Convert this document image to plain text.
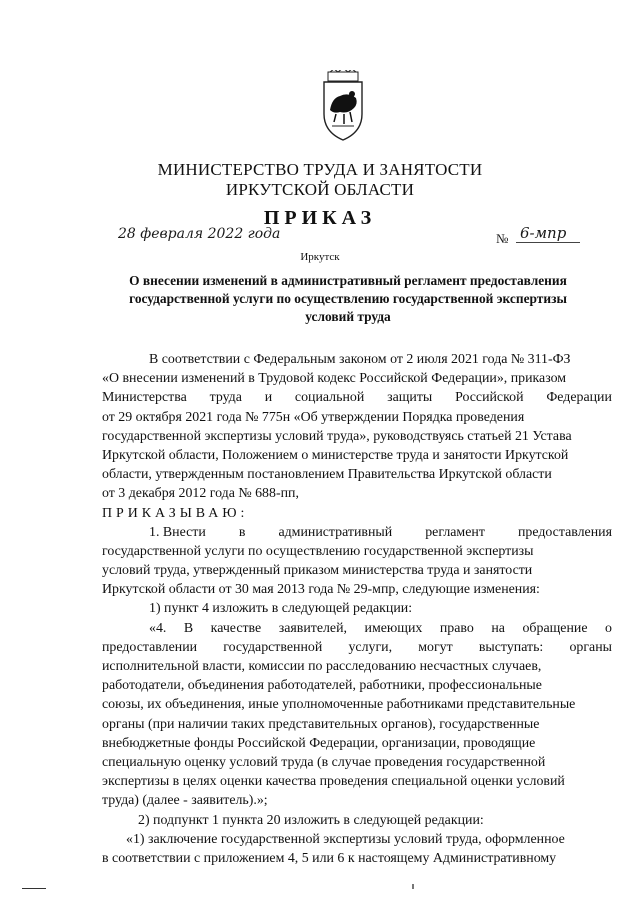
МИНИСТЕРСТВО ТРУДА И ЗАНЯТОСТИ
ИРКУТСКОЙ ОБЛАСТИ
ПРИКАЗ
28 февраля 2022 года	№ 6-мпр
Иркутск
О внесении изменений в административный регламент предоставления
государственной услуги по осуществлению государственной экспертизы
условий труда
В соответствии с Федеральным законом от 2 июля 2021 года № 311-ФЗ
«О внесении изменений в Трудовой кодекс Российской Федерации», приказом
Министерства труда и социальной защиты Российской Федерации
от 29 октября 2021 года № 775н «Об утверждении Порядка проведения
государственной экспертизы условий труда», руководствуясь статьей 21 Устава
Иркутской области, Положением о министерстве труда и занятости Иркутской
области, утвержденным постановлением Правительства Иркутской области
от 3 декабря 2012 года № 688-пп,
ПРИКАЗЫВАЮ:
1. Внести в административный регламент предоставления
государственной услуги по осуществлению государственной экспертизы
условий труда, утвержденный приказом министерства труда и занятости
Иркутской области от 30 мая 2013 года № 29-мпр, следующие изменения:
1) пункт 4 изложить в следующей редакции:
«4. В качестве заявителей, имеющих право на обращение о
предоставлении государственной услуги, могут выступать: органы
исполнительной власти, комиссии по расследованию несчастных случаев,
работодатели, объединения работодателей, работники, профессиональные
союзы, их объединения, иные уполномоченные работниками представительные
органы (при наличии таких представительных органов), государственные
внебюджетные фонды Российской Федерации, организации, проводящие
специальную оценку условий труда (в случае проведения государственной
экспертизы в целях оценки качества проведения специальной оценки условий
труда) (далее - заявитель).»;
2) подпункт 1 пункта 20 изложить в следующей редакции:
«1) заключение государственной экспертизы условий труда, оформленное
в соответствии с приложением 4, 5 или 6 к настоящему Административному
